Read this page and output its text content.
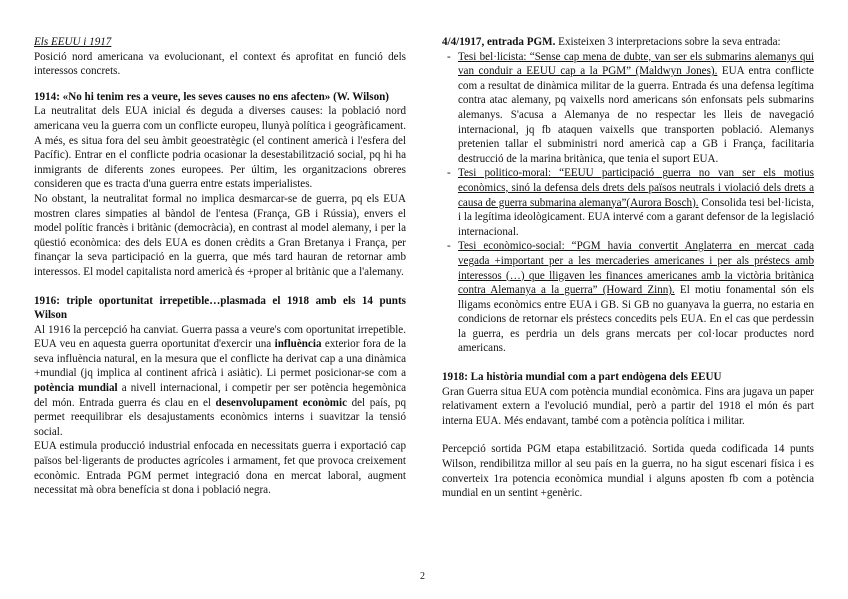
Els EEUU i 1917

Posició nord americana va evolucionant, el context és aprofitat en funció dels interessos concrets.

1914: «No hi tenim res a veure, les seves causes no ens afecten» (W. Wilson)

La neutralitat dels EUA inicial és deguda a diverses causes: la població nord americana veu la guerra com un conflicte europeu, llunyà política i geogràficament. A més, es situa fora del seu àmbit geoestratègic (el continent americà i l'esfera del Pacífic). Entrar en el conflicte podria ocasionar la desestabilització social, pq hi ha inmigrants de diferents zones europees. Per últim, les organitzacions obreres consideren que es tracta d'una guerra entre estats imperialistes.

No obstant, la neutralitat formal no implica desmarcar-se de guerra, pq els EUA mostren clares simpaties al bàndol de l'entesa (França, GB i Rússia), envers el model polític francès i britànic (democràcia), en contrast al model alemany, i per la qüestió econòmica: des dels EUA es donen crèdits a Gran Bretanya i França, per finançar la seva participació en la guerra, que més tard hauran de retornar amb interessos. El model capitalista nord americà és +proper al britànic que a l'alemany.

1916: triple oportunitat irrepetible…plasmada el 1918 amb els 14 punts Wilson

Al 1916 la percepció ha canviat. Guerra passa a veure's com oportunitat irrepetible. EUA veu en aquesta guerra oportunitat d'exercir una influència exterior fora de la seva influència natural, en la mesura que el conflicte ha derivat cap a una dinàmica +mundial (jq implica al continent africà i asiàtic). Li permet posicionar-se com a potència mundial a nivell internacional, i competir per ser potència hegemònica del món. Entrada guerra és clau en el desenvolupament econòmic del país, pq permet reequilibrar els desajustaments econòmics interns i suavitzar la tensió social.

EUA estimula producció industrial enfocada en necessitats guerra i exportació cap països bel·ligerants de productes agrícoles i armament, fet que provoca creixement econòmic. Entrada PGM permet integració dona en mercat laboral, augment necessitat mà obra benefícia st dona i població negra.

4/4/1917, entrada PGM. Existeixen 3 interpretacions sobre la seva entrada:

- Tesi bel·licista: “Sense cap mena de dubte, van ser els submarins alemanys qui van conduir a EEUU cap a la PGM” (Maldwyn Jones). EUA entra conflicte com a resultat de dinàmica militar de la guerra. Entrada és una defensa legítima contra atac alemany, pq vaixells nord americans són enfonsats pels submarins alemanys. S'acusa a Alemanya de no respectar les lleis de navegació internacional, jq fb ataquen vaixells que transporten població. Alemanys pretenien tallar el subministri nord americà cap a GB i França, facilitaria destrucció de la marina britànica, que tenia el suport EUA.
- Tesi politico-moral: “EEUU participació guerra no van ser els motius econòmics, sinó la defensa dels drets dels països neutrals i violació dels drets a causa de guerra submarina alemanya”(Aurora Bosch). Consolida tesi bel·licista, i la legítima ideològicament. EUA intervé com a garant defensor de la legislació internacional.
- Tesi econòmico-social: “PGM havia convertit Anglaterra en mercat cada vegada +important per a les mercaderies americanes i per als préstecs amb interessos (…) que lligaven les finances americanes amb la victòria britànica contra Alemanya a la guerra” (Howard Zinn). El motiu fonamental són els lligams econòmics entre EUA i GB. Si GB no guanyava la guerra, no estaria en condicions de retornar els préstecs concedits pels EUA. En el cas que perdessin la guerra, es perdria un dels grans mercats per col·locar productes nord americans.

1918: La història mundial com a part endògena dels EEUU

Gran Guerra situa EUA com potència mundial econòmica. Fins ara jugava un paper relativament extern a l'evolució mundial, però a partir del 1918 el món és part interna EUA. Més endavant, també com a potència política i militar.

Percepció sortida PGM etapa estabilització. Sortida queda codificada 14 punts Wilson, rendibilitza millor al seu país en la guerra, no ha sigut escenari física i es converteix 1ra potencia econòmica mundial i alguns aposten fb com a potència mundial en un sentint +genèric.

2
